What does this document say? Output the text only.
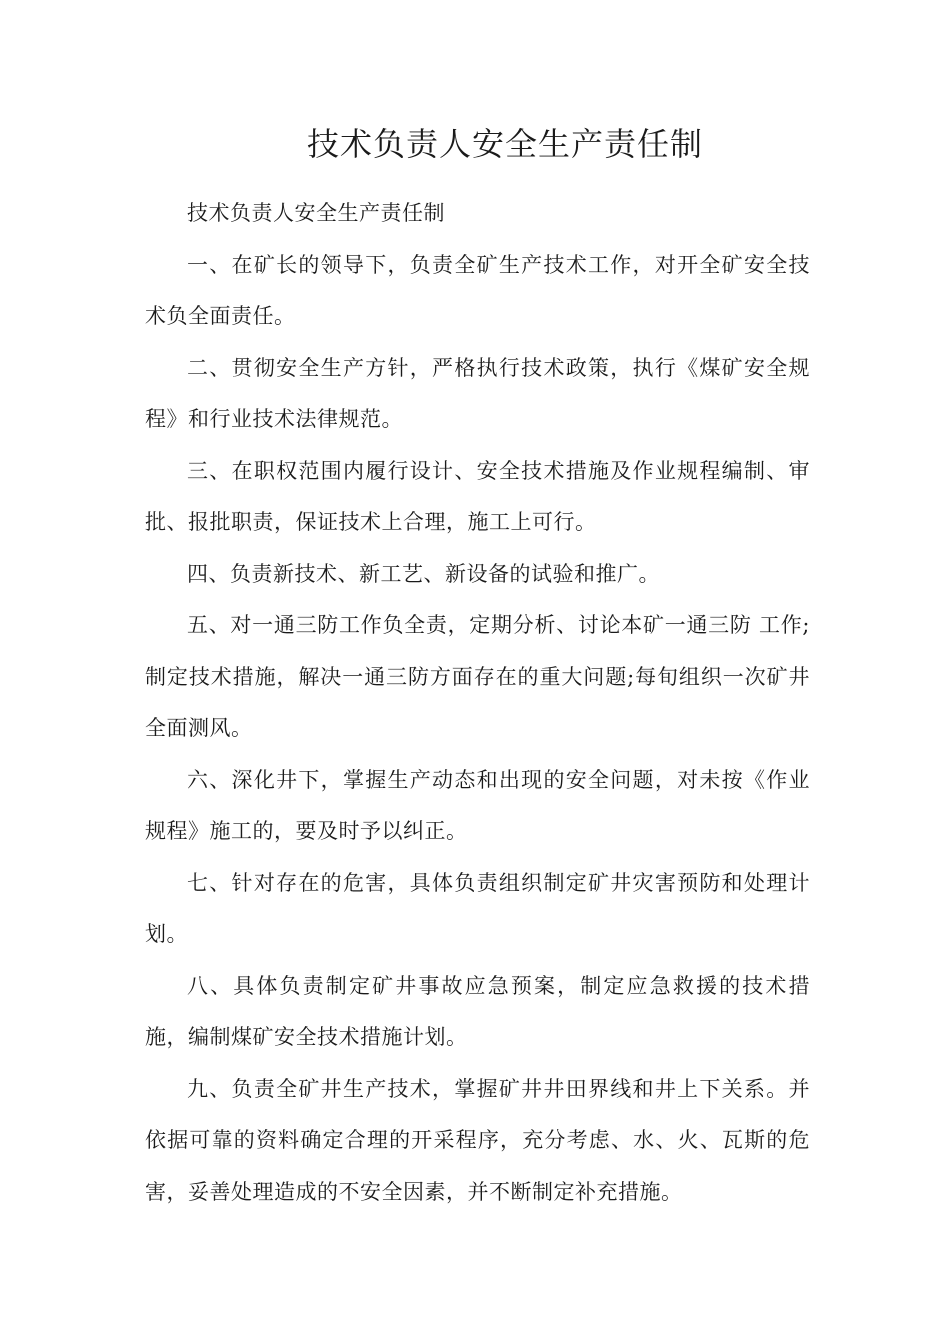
技术负责人安全生产责任制

技术负责人安全生产责任制

一、在矿长的领导下，负责全矿生产技术工作，对开全矿安全技术负全面责任。

二、贯彻安全生产方针，严格执行技术政策，执行《煤矿安全规程》和行业技术法律规范。

三、在职权范围内履行设计、安全技术措施及作业规程编制、审批、报批职责，保证技术上合理，施工上可行。

四、负责新技术、新工艺、新设备的试验和推广。

五、对一通三防工作负全责，定期分析、讨论本矿一通三防 工作;制定技术措施，解决一通三防方面存在的重大问题;每旬组织一次矿井全面测风。

六、深化井下，掌握生产动态和出现的安全问题，对未按《作业规程》施工的，要及时予以纠正。

七、针对存在的危害，具体负责组织制定矿井灾害预防和处理计划。

八、具体负责制定矿井事故应急预案，制定应急救援的技术措施，编制煤矿安全技术措施计划。

九、负责全矿井生产技术，掌握矿井井田界线和井上下关系。并依据可靠的资料确定合理的开采程序，充分考虑、水、火、瓦斯的危害，妥善处理造成的不安全因素，并不断制定补充措施。
